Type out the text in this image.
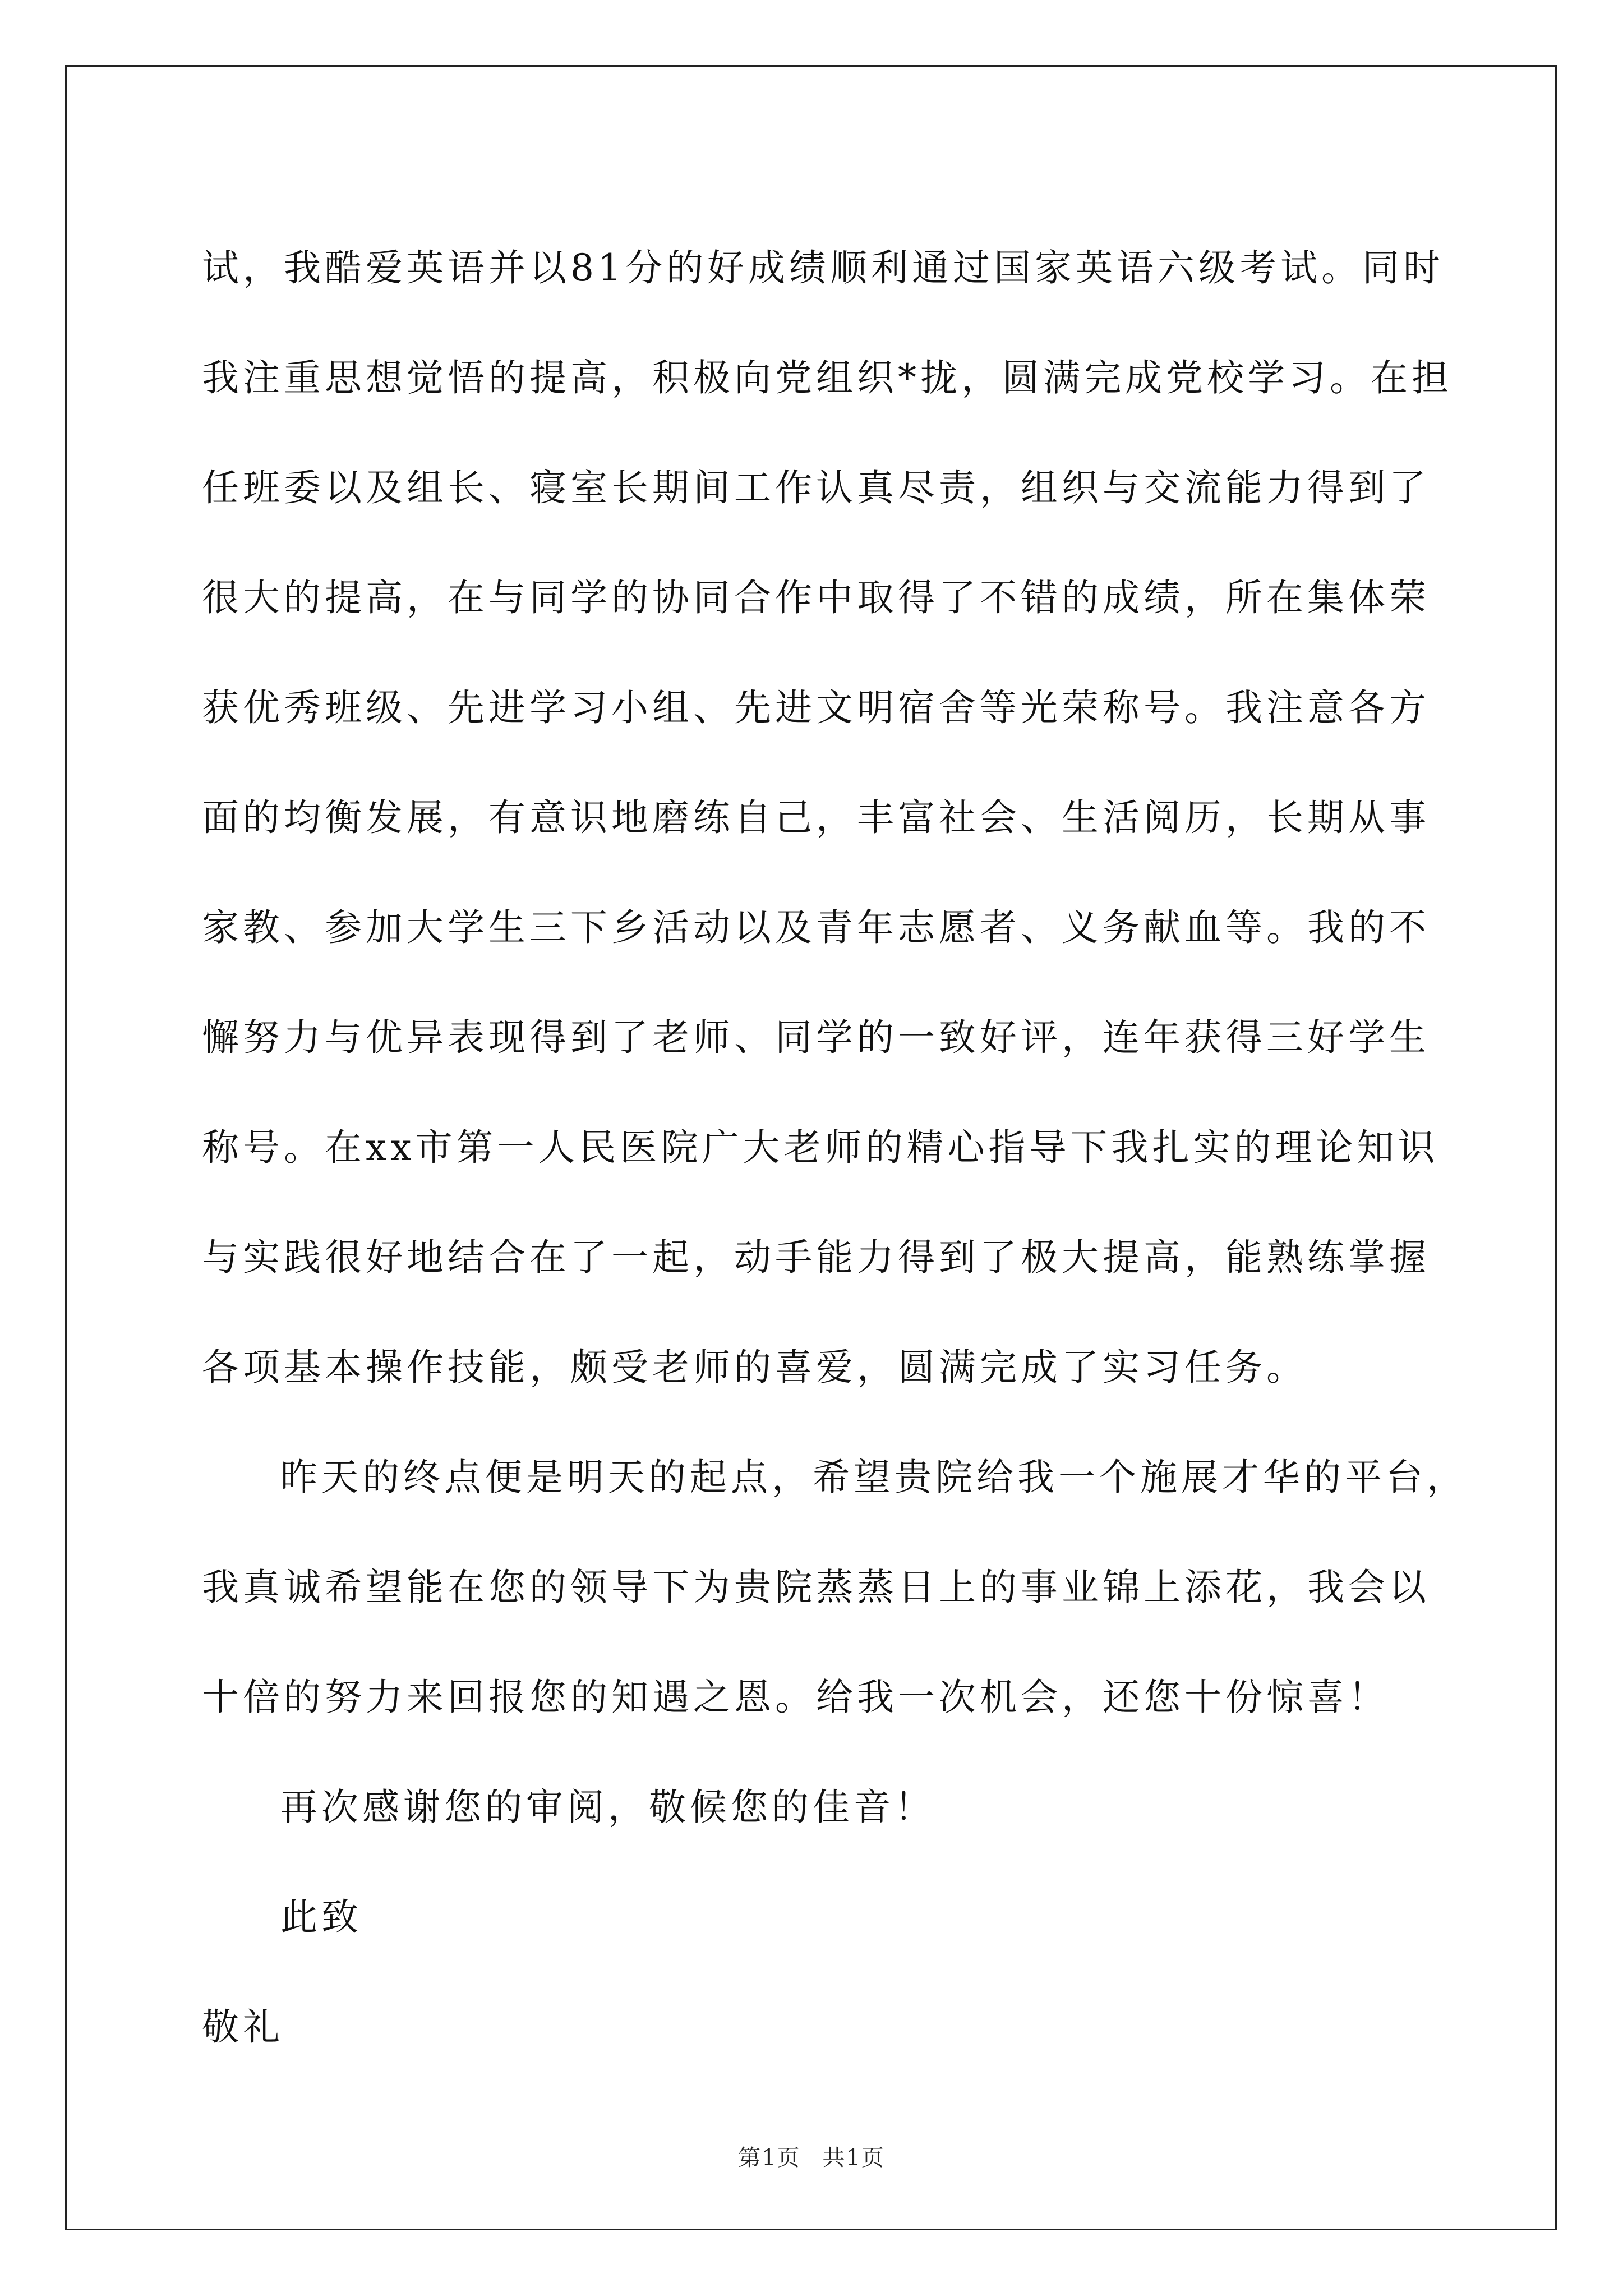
试，我酷爱英语并以81分的好成绩顺利通过国家英语六级考试。同时
我注重思想觉悟的提高，积极向党组织*拢，圆满完成党校学习。在担
任班委以及组长、寝室长期间工作认真尽责，组织与交流能力得到了
很大的提高，在与同学的协同合作中取得了不错的成绩，所在集体荣
获优秀班级、先进学习小组、先进文明宿舍等光荣称号。我注意各方
面的均衡发展，有意识地磨练自己，丰富社会、生活阅历，长期从事
家教、参加大学生三下乡活动以及青年志愿者、义务献血等。我的不
懈努力与优异表现得到了老师、同学的一致好评，连年获得三好学生
称号。在xx市第一人民医院广大老师的精心指导下我扎实的理论知识
与实践很好地结合在了一起，动手能力得到了极大提高，能熟练掌握
各项基本操作技能，颇受老师的喜爱，圆满完成了实习任务。
昨天的终点便是明天的起点，希望贵院给我一个施展才华的平台，
我真诚希望能在您的领导下为贵院蒸蒸日上的事业锦上添花，我会以
十倍的努力来回报您的知遇之恩。给我一次机会，还您十份惊喜！
再次感谢您的审阅，敬候您的佳音！
此致
敬礼
第1页 共1页
